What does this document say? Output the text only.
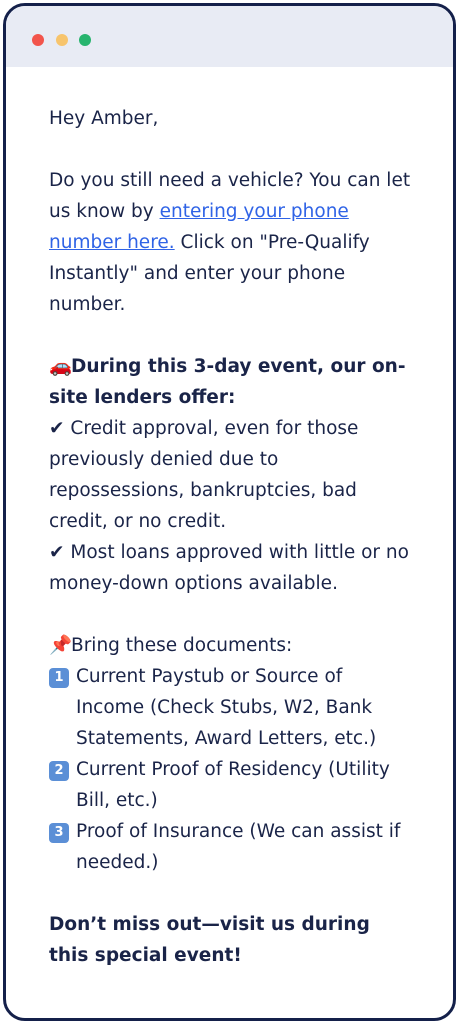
Hey Amber,

Do you still need a vehicle? You can let us know by entering your phone number here. Click on "Pre-Qualify Instantly" and enter your phone number.

🚗During this 3-day event, our on-site lenders offer:

✔ Credit approval, even for those previously denied due to repossessions, bankruptcies, bad credit, or no credit.

✔ Most loans approved with little or no money-down options available.

📌Bring these documents:

1 Current Paystub or Source of Income (Check Stubs, W2, Bank Statements, Award Letters, etc.)
2 Current Proof of Residency (Utility Bill, etc.)
3 Proof of Insurance (We can assist if needed.)

Don’t miss out—visit us during this special event!
